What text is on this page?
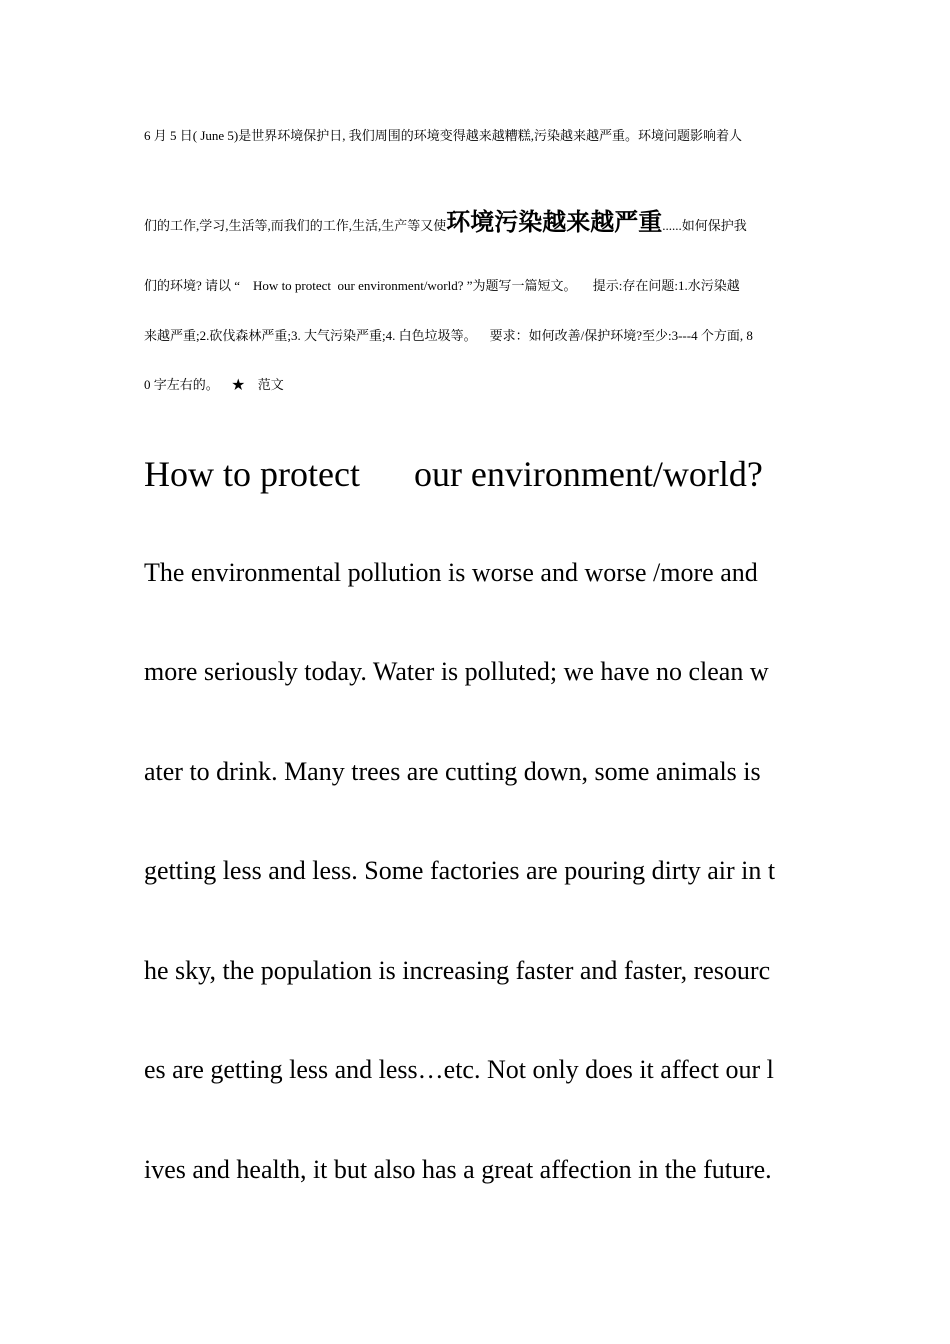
6 月 5 日( June 5)是世界环境保护日, 我们周围的环境变得越来越糟糕,污染越来越严重。环境问题影响着人
们的工作,学习,生活等,而我们的工作,生活,生产等又使环境污染越来越严重......如何保护我
们的环境? 请以 “    How to protect  our environment/world? ”为题写一篇短文。     提示:存在问题:1.水污染越
来越严重;2.砍伐森林严重;3. 大气污染严重;4. 白色垃圾等。    要求：如何改善/保护环境?至少:3---4 个方面, 8
0 字左右的。    ★    范文
How to protect      our environment/world?
The environmental pollution is worse and worse /more and
more seriously today. Water is polluted; we have no clean w
ater to drink. Many trees are cutting down, some animals is
getting less and less. Some factories are pouring dirty air in t
he sky, the population is increasing faster and faster, resourc
es are getting less and less…etc. Not only does it affect our l
ives and health, it but also has a great affection in the future.
